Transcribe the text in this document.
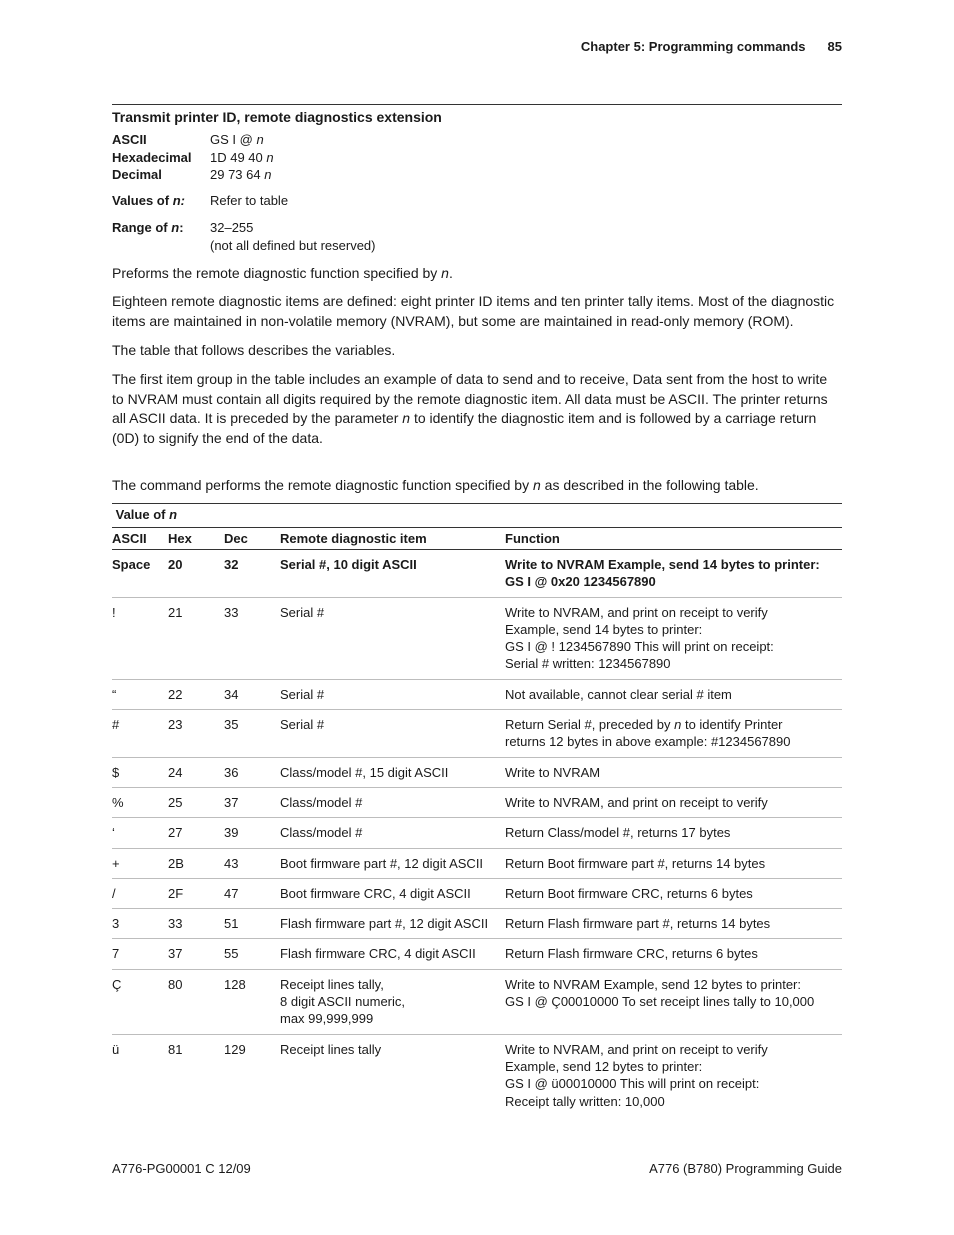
Chapter 5: Programming commands 85
Transmit printer ID, remote diagnostics extension
ASCII	GS I @ n
Hexadecimal 1D 49 40 n
Decimal	29 73 64 n
Values of n: Refer to table
Range of n: 32–255
(not all defined but reserved)
Preforms the remote diagnostic function specified by n.
Eighteen remote diagnostic items are defined: eight printer ID items and ten printer tally items. Most of the diagnostic items are maintained in non-volatile memory (NVRAM), but some are maintained in read-only memory (ROM).
The table that follows describes the variables.
The first item group in the table includes an example of data to send and to receive, Data sent from the host to write to NVRAM must contain all digits required by the remote diagnostic item. All data must be ASCII. The printer returns all ASCII data. It is preceded by the parameter n to identify the diagnostic item and is followed by a carriage return (0D) to signify the end of the data.
The command performs the remote diagnostic function specified by n as described in the following table.
Value of n				
ASCII	Hex	Dec	Remote diagnostic item	Function
Space	20	32	Serial #, 10 digit ASCII	Write to NVRAM Example, send 14 bytes to printer:
GS I @ 0x20 1234567890
!	21	33	Serial #	Write to NVRAM, and print on receipt to verify
Example, send 14 bytes to printer:
GS I @ ! 1234567890 This will print on receipt:
Serial # written: 1234567890
“	22	34	Serial #	Not available, cannot clear serial # item
#	23	35	Serial #	Return Serial #, preceded by n to identify Printer
returns 12 bytes in above example: #1234567890
$	24	36	Class/model #, 15 digit ASCII	Write to NVRAM
%	25	37	Class/model #	Write to NVRAM, and print on receipt to verify
‘	27	39	Class/model #	Return Class/model #, returns 17 bytes
+	2B	43	Boot firmware part #, 12 digit ASCII	Return Boot firmware part #, returns 14 bytes
/	2F	47	Boot firmware CRC, 4 digit ASCII	Return Boot firmware CRC, returns 6 bytes
3	33	51	Flash firmware part #, 12 digit ASCII	Return Flash firmware part #, returns 14 bytes
7	37	55	Flash firmware CRC, 4 digit ASCII	Return Flash firmware CRC, returns 6 bytes
Ç	80	128	Receipt lines tally,
8 digit ASCII numeric,
max 99,999,999	Write to NVRAM Example, send 12 bytes to printer:
GS I @ Ç00010000 To set receipt lines tally to 10,000
ü	81	129	Receipt lines tally	Write to NVRAM, and print on receipt to verify
Example, send 12 bytes to printer:
GS I @ ü00010000 This will print on receipt:
Receipt tally written: 10,000
A776-PG00001 C 12/09	A776 (B780) Programming Guide
